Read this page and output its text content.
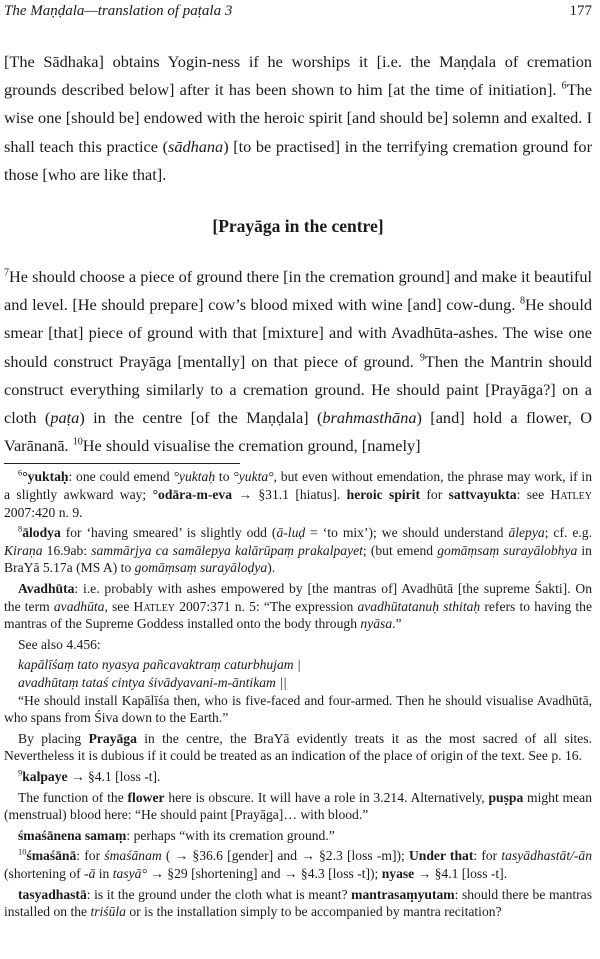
The Maṇḍala—translation of paṭala 3	177

[The Sādhaka] obtains Yogin-ness if he worships it [i.e. the Maṇḍala of cremation grounds described below] after it has been shown to him [at the time of initiation]. $^6$The wise one [should be] endowed with the heroic spirit [and should be] solemn and exalted. I shall teach this practice (sādhana) [to be practised] in the terrifying cremation ground for those [who are like that].

[Prayāga in the centre]

$^7$He should choose a piece of ground there [in the cremation ground] and make it beautiful and level. [He should prepare] cow’s blood mixed with wine [and] cow-dung. $^8$He should smear [that] piece of ground with that [mixture] and with Avadhūta-ashes. The wise one should construct Prayāga [mentally] on that piece of ground. $^9$Then the Mantrin should construct everything similarly to a cremation ground. He should paint [Prayāga?] on a cloth (paṭa) in the centre [of the Maṇḍala] (brahmasthāna) [and] hold a flower, O Varānanā. $^{10}$He should visualise the cremation ground, [namely]

$^6$°yuktaḥ: one could emend °yuktaḥ to °yukta°, but even without emendation, the phrase may work, if in a slightly awkward way; °odāra-m-eva → §31.1 [hiatus]. heroic spirit for sattvayukta: see Hatley 2007:420 n. 9.

$^8$ālodya for ‘having smeared’ is slightly odd (ā-luḍ = ‘to mix’); we should understand ālepya; cf. e.g. Kiraṇa 16.9ab: sammārjya ca samālepya kalārūpaṃ prakalpayet; (but emend gomāṃsaṃ surayālobhya in BraYā 5.17a (MS A) to gomāṃsaṃ surayāloḍya).

Avadhūta: i.e. probably with ashes empowered by [the mantras of] Avadhūtā [the supreme Śakti]. On the term avadhūta, see Hatley 2007:371 n. 5: “The expression avadhūtatanuḥ sthitaḥ refers to having the mantras of the Supreme Goddess installed onto the body through nyāsa.”

See also 4.456:

kapālīśaṃ tato nyasya pañcavaktraṃ caturbhujam |

avadhūtaṃ tataś cintya śivādyavani-m-āntikam ||

“He should install Kapālīśa then, who is five-faced and four-armed. Then he should visualise Avadhūtā, who spans from Śiva down to the Earth.”

By placing Prayāga in the centre, the BraYā evidently treats it as the most sacred of all sites. Nevertheless it is dubious if it could be treated as an indication of the place of origin of the text. See p. 16.

$^9$kalpaye → §4.1 [loss -t].

The function of the flower here is obscure. It will have a role in 3.214. Alternatively, puṣpa might mean (menstrual) blood here: “He should paint [Prayāga]… with blood.”

śmaśānena samaṃ: perhaps “with its cremation ground.”

$^{10}$śmaśānā: for śmaśānam ( → §36.6 [gender] and → §2.3 [loss -m]); Under that: for tasyādhastāt/-ān (shortening of -ā in tasyā° → §29 [shortening] and → §4.3 [loss -t]); nyase → §4.1 [loss -t].

tasyadhastā: is it the ground under the cloth what is meant? mantrasaṃyutam: should there be mantras installed on the triśūla or is the installation simply to be accompanied by mantra recitation?
